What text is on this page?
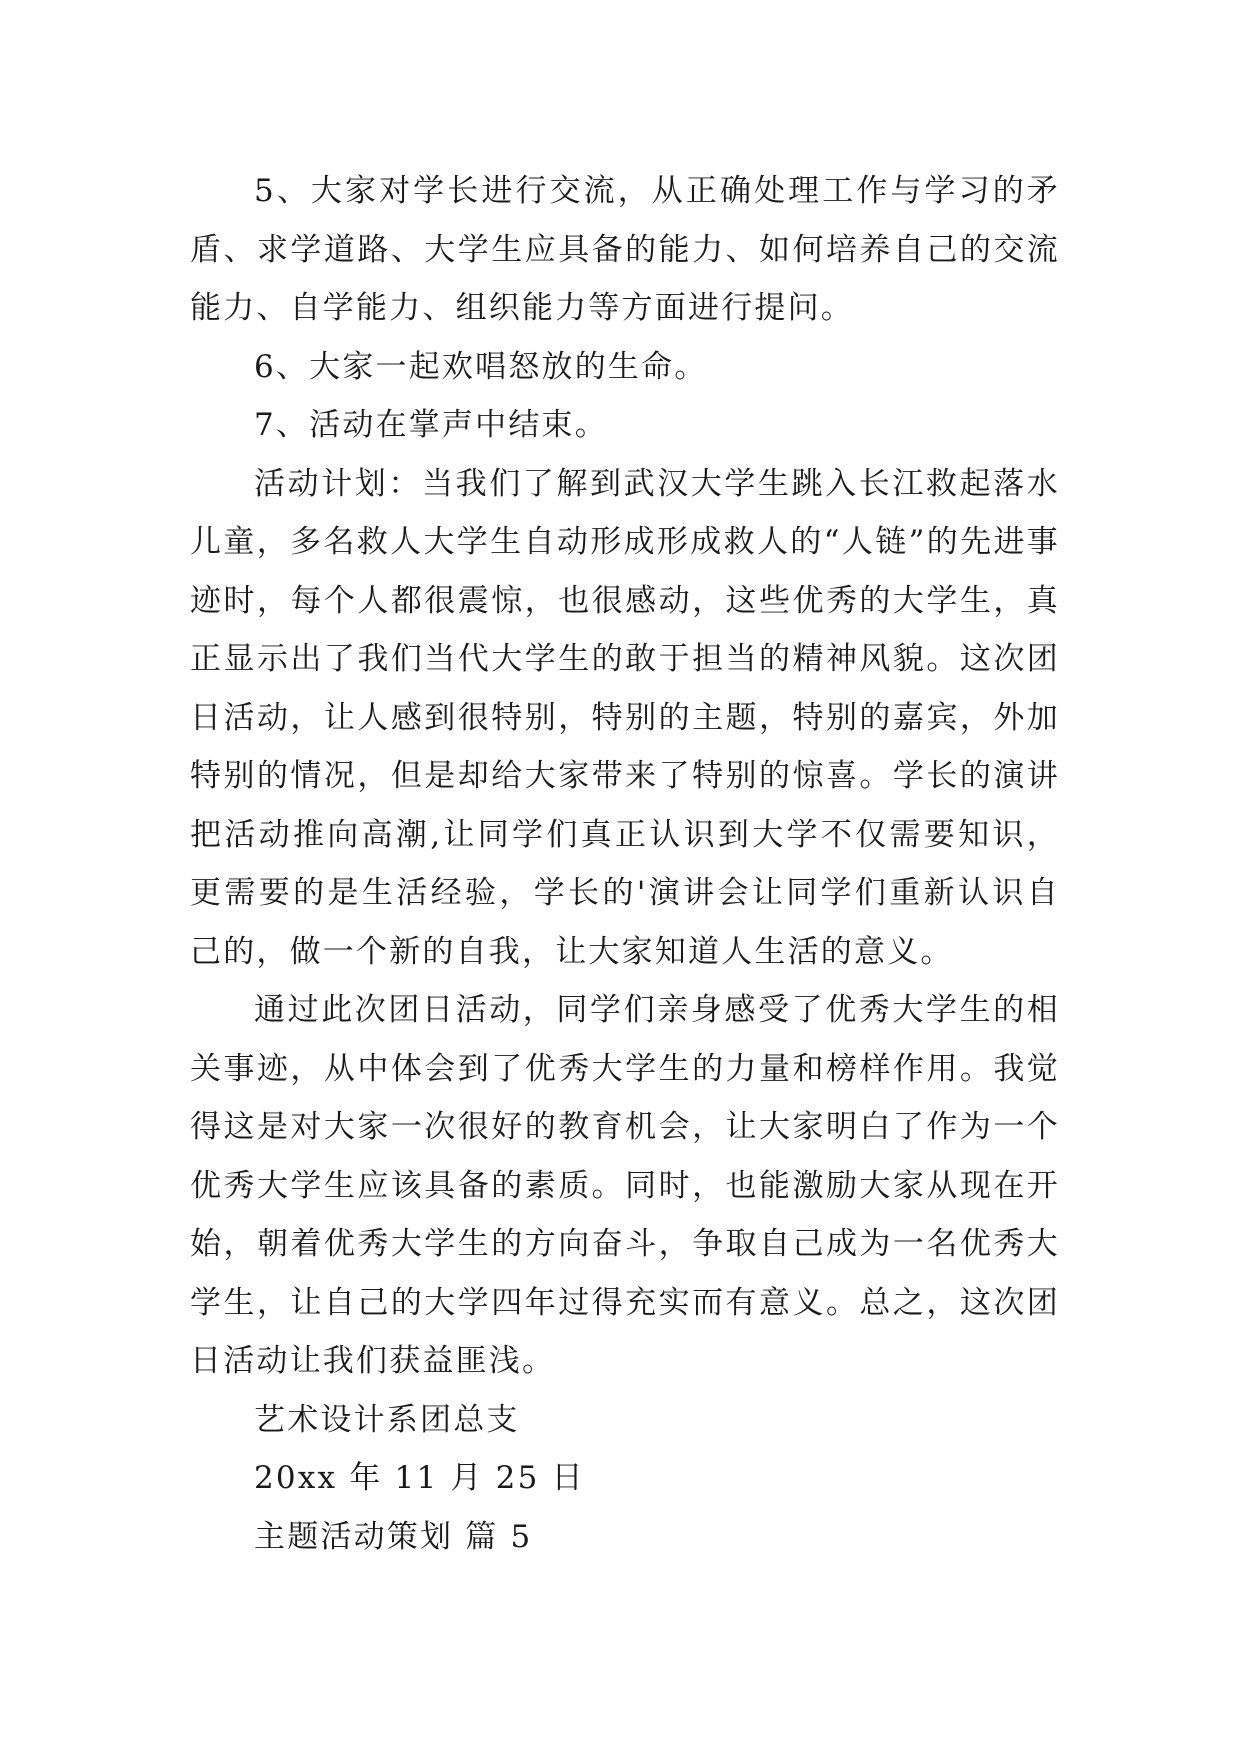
5、大家对学长进行交流，从正确处理工作与学习的矛盾、求学道路、大学生应具备的能力、如何培养自己的交流能力、自学能力、组织能力等方面进行提问。

6、大家一起欢唱怒放的生命。

7、活动在掌声中结束。

活动计划：当我们了解到武汉大学生跳入长江救起落水儿童，多名救人大学生自动形成形成救人的“人链”的先进事迹时，每个人都很震惊，也很感动，这些优秀的大学生，真正显示出了我们当代大学生的敢于担当的精神风貌。这次团日活动，让人感到很特别，特别的主题，特别的嘉宾，外加特别的情况，但是却给大家带来了特别的惊喜。学长的演讲把活动推向高潮,让同学们真正认识到大学不仅需要知识，更需要的是生活经验，学长的'演讲会让同学们重新认识自己的，做一个新的自我，让大家知道人生活的意义。

通过此次团日活动，同学们亲身感受了优秀大学生的相关事迹，从中体会到了优秀大学生的力量和榜样作用。我觉得这是对大家一次很好的教育机会，让大家明白了作为一个优秀大学生应该具备的素质。同时，也能激励大家从现在开始，朝着优秀大学生的方向奋斗，争取自己成为一名优秀大学生，让自己的大学四年过得充实而有意义。总之，这次团日活动让我们获益匪浅。

艺术设计系团总支

20xx 年 11 月 25 日

主题活动策划 篇 5
